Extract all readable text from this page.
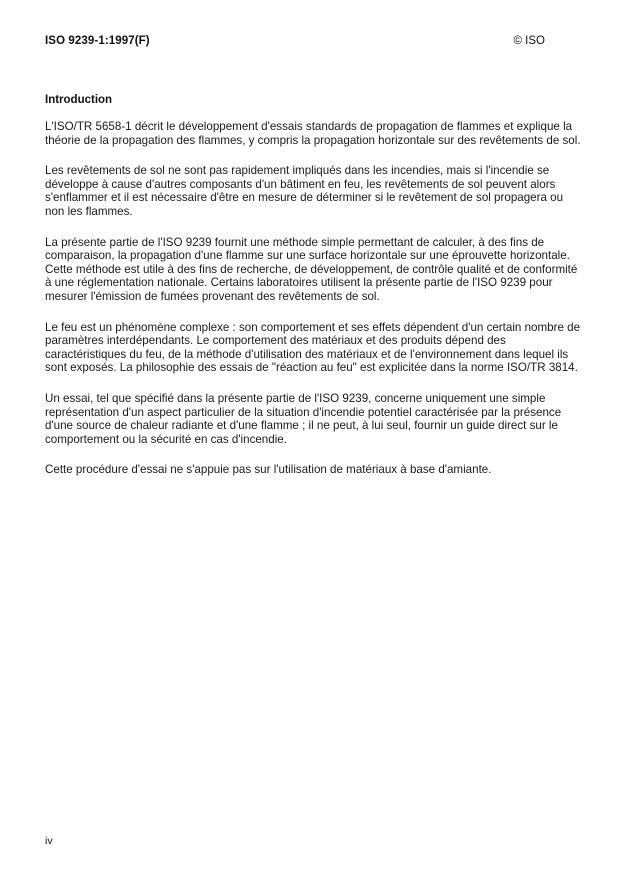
ISO 9239-1:1997(F)	© ISO
Introduction

L'ISO/TR 5658-1 décrit le développement d'essais standards de propagation de flammes et explique la théorie de la propagation des flammes, y compris la propagation horizontale sur des revêtements de sol.

Les revêtements de sol ne sont pas rapidement impliqués dans les incendies, mais si l'incendie se développe à cause d'autres composants d'un bâtiment en feu, les revêtements de sol peuvent alors s'enflammer et il est nécessaire d'être en mesure de déterminer si le revêtement de sol propagera ou non les flammes.

La présente partie de l'ISO 9239 fournit une méthode simple permettant de calculer, à des fins de comparaison, la propagation d'une flamme sur une surface horizontale sur une éprouvette horizontale. Cette méthode est utile à des fins de recherche, de développement, de contrôle qualité et de conformité à une réglementation nationale. Certains laboratoires utilisent la présente partie de l'ISO 9239 pour mesurer l'émission de fumées provenant des revêtements de sol.

Le feu est un phénomène complexe : son comportement et ses effets dépendent d'un certain nombre de paramètres interdépendants. Le comportement des matériaux et des produits dépend des caractéristiques du feu, de la méthode d'utilisation des matériaux et de l'environnement dans lequel ils sont exposés. La philosophie des essais de "réaction au feu" est explicitée dans la norme ISO/TR 3814.

Un essai, tel que spécifié dans la présente partie de l'ISO 9239, concerne uniquement une simple représentation d'un aspect particulier de la situation d'incendie potentiel caractérisée par la présence d'une source de chaleur radiante et d'une flamme ; il ne peut, à lui seul, fournir un guide direct sur le comportement ou la sécurité en cas d'incendie.

Cette procédure d'essai ne s'appuie pas sur l'utilisation de matériaux à base d'amiante.

iv
